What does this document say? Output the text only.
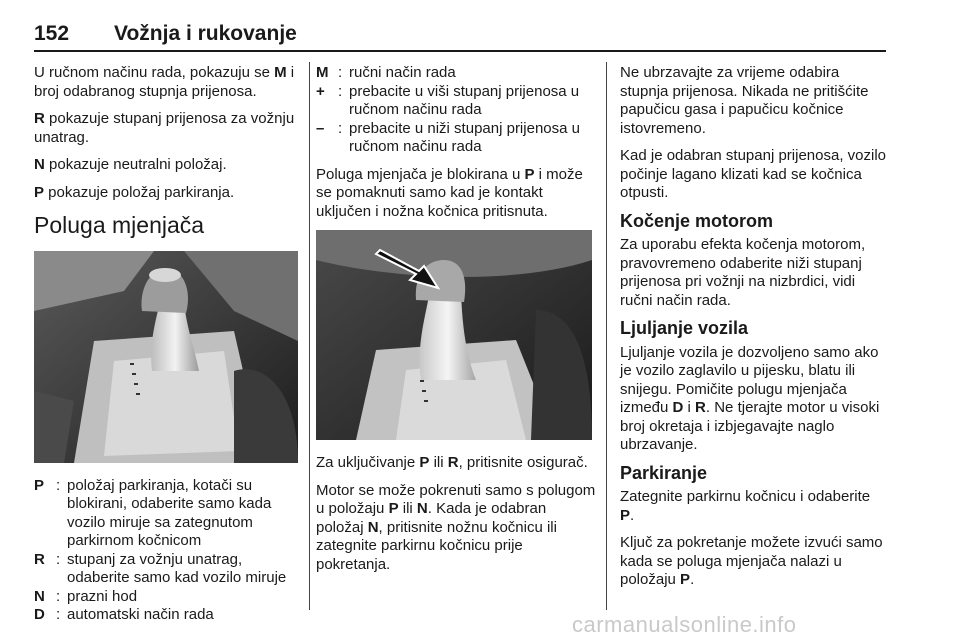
152 Vožnja i rukovanje

U ručnom načinu rada, pokazuju se M i broj odabranog stupnja prijenosa.

R pokazuje stupanj prijenosa za vožnju unatrag.

N pokazuje neutralni položaj.

P pokazuje položaj parkiranja.

Poluga mjenjača
P : položaj parkiranja, kotači su blokirani, odaberite samo kada vozilo miruje sa zategnutom parkirnom kočnicom
R : stupanj za vožnju unatrag, odaberite samo kad vozilo miruje
N : prazni hod
D : automatski način rada
M : ručni način rada
+ : prebacite u viši stupanj prijenosa u ručnom načinu rada
– : prebacite u niži stupanj prijenosa u ručnom načinu rada

Poluga mjenjača je blokirana u P i može se pomaknuti samo kad je kontakt uključen i nožna kočnica pritisnuta.

Za uključivanje P ili R, pritisnite osigurač.

Motor se može pokrenuti samo s polugom u položaju P ili N. Kada je odabran položaj N, pritisnite nožnu kočnicu ili zategnite parkirnu kočnicu prije pokretanja.

Ne ubrzavajte za vrijeme odabira stupnja prijenosa. Nikada ne pritišćite papučicu gasa i papučicu kočnice istovremeno.

Kad je odabran stupanj prijenosa, vozilo počinje lagano klizati kad se kočnica otpusti.

Kočenje motorom

Za uporabu efekta kočenja motorom, pravovremeno odaberite niži stupanj prijenosa pri vožnji na nizbrdici, vidi ručni način rada.

Ljuljanje vozila

Ljuljanje vozila je dozvoljeno samo ako je vozilo zaglavilo u pijesku, blatu ili snijegu. Pomičite polugu mjenjača između D i R. Ne tjerajte motor u visoki broj okretaja i izbjegavajte naglo ubrzavanje.

Parkiranje

Zategnite parkirnu kočnicu i odaberite P.

Ključ za pokretanje možete izvući samo kada se poluga mjenjača nalazi u položaju P.

carmanualsonline.info
